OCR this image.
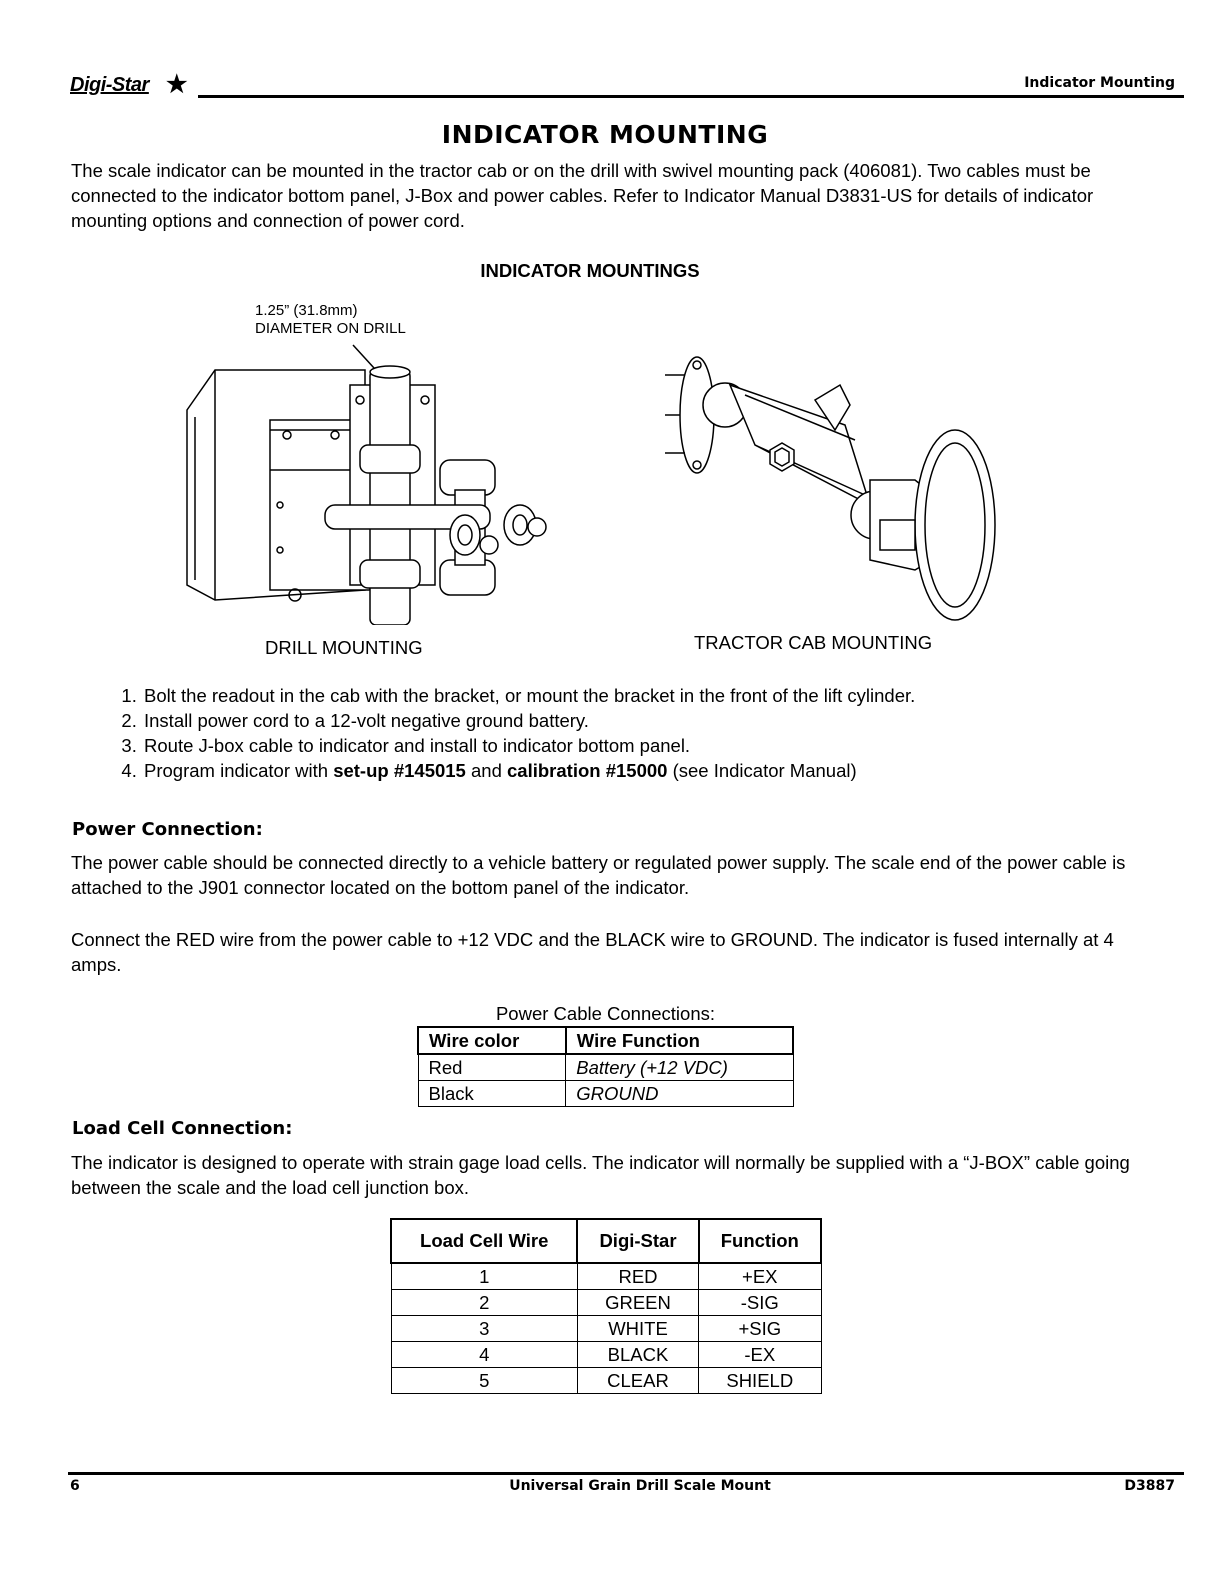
Digi-Star ★	Indicator Mounting
INDICATOR MOUNTING
The scale indicator can be mounted in the tractor cab or on the drill with swivel mounting pack (406081). Two cables must be connected to the indicator bottom panel, J-Box and power cables. Refer to Indicator Manual D3831-US for details of indicator mounting options and connection of power cord.
INDICATOR MOUNTINGS
1.25” (31.8mm)
DIAMETER ON DRILL
DRILL MOUNTING	TRACTOR CAB MOUNTING
1. Bolt the readout in the cab with the bracket, or mount the bracket in the front of the lift cylinder.
2. Install power cord to a 12-volt negative ground battery.
3. Route J-box cable to indicator and install to indicator bottom panel.
4. Program indicator with set-up #145015 and calibration #15000 (see Indicator Manual)
Power Connection:
The power cable should be connected directly to a vehicle battery or regulated power supply. The scale end of the power cable is attached to the J901 connector located on the bottom panel of the indicator.
Connect the RED wire from the power cable to +12 VDC and the BLACK wire to GROUND. The indicator is fused internally at 4 amps.
Power Cable Connections:
Wire color	Wire Function
Red	Battery (+12 VDC)
Black	GROUND
Load Cell Connection:
The indicator is designed to operate with strain gage load cells. The indicator will normally be supplied with a “J-BOX” cable going between the scale and the load cell junction box.
Load Cell Wire	Digi-Star	Function
1	RED	+EX
2	GREEN	-SIG
3	WHITE	+SIG
4	BLACK	-EX
5	CLEAR	SHIELD
6	Universal Grain Drill Scale Mount	D3887
